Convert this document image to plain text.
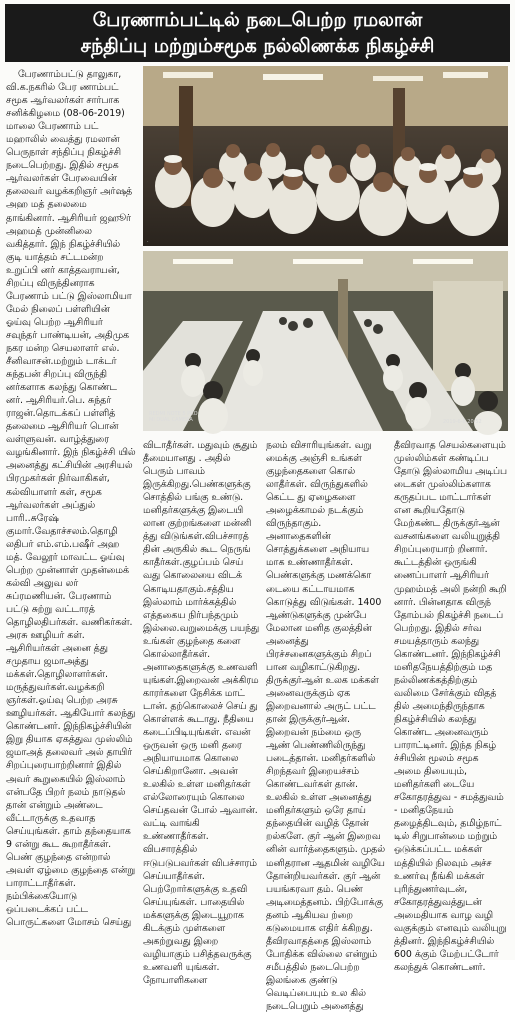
பேரணாம்பட்டில் நடைபெற்ற ரமலான்
சந்திப்பு மற்றும்சமூக நல்லிணக்க நிகழ்ச்சி

பேரணாம்பட்டு தாலுகா, வி.க.நகரில் பேர ணாம்பட் சமூக ஆர்வலர்கள் சார்பாக சனிக்கிழமை (08-06-2019) மாலை பேரணாம் பட் மஹாலில் வைத்து ரமலான் பெருநாள் சந்திப்பு நிகழ்ச்சி நடைபெற்றது. இதில் சமூக ஆர்வலர்கள் பேரவையின் தலைவர் வழக்கறிஞர் அர்ஷத் அஹ மத் தலைமை தாங்கினார். ஆசிரியர் ஜஹூர் அஹமத் முன்னிலை வகித்தார். இந் நிகழ்ச்சியில் குடி யாத்தம் சட்டமன்ற உறுப்பி னர் காத்தவராயன், சிறப்பு விருந்தினராக பேரணாம் பட்டு இஸ்லாமியா மேல் நிலைப் பள்ளியின் ஓய்வு பெற்ற ஆசிரியர் சவுந்தர் பாண்டியன், அதிமுக நகர மன்ற செயலாளர் எல். சீனிவாசன்.மற்றும் டாக்டர் சுந்தபன் சிறப்பு விருந்தி னர்களாக கலந்து கொண்ட னர். ஆசிரியர்.பெ. சுந்தர் ராஜன்.தொடக்கப் பள்ளித் தலைமை ஆசிரியர் பொன் வள்ளுவன். வாழ்த்துரை வழங்கினார். இந் நிகழ்ச்சி யில் அனைத்து கட்சியின் அரசியல் பிரமுகர்கள் நிர்வாகிகள், கல்வியாளர் கள், சமூக ஆர்வலர்கள் அப்துல் பாரி..சுரேஷ் குமார்.வேதாச்சலம்.தொழி லதிபர் எம்.எம்.பஷீர் அஹ மத். வேலூர் மாவட்ட ஓய்வு பெற்ற முன்னாள் முதன்மைக் கல்வி அலுவ லர் சுப்ரமணியன். பேரணாம் பட்டு சுற்று வட்டாரத் தொழிலதிபர்கள். வணிகர்கள். அரசு ஊழியர் கள். ஆசிரியர்கள் அனை த்து சமுதாய ஜமாஅத்து மக்கள்.தொழிலாளர்கள். மருத்துவர்கள்.வழக்கறி ஞர்கள்.ஓய்வு பெற்ற அரசு ஊழியர்கள். ஆகியோர் கலந்து கொண்டனர். இந்நிகழ்ச்சியின் இறு தியாக ஏகத்துவ முஸ்லிம் ஜமாஅத் தலைவர் அல் தாயிர் சிறப்புரையாற்றினார் இதில் அவர் கூறுகையில் இஸ்லாம் என்பதே பிறர் நலம் நாடுதல் தான் என்றும் அண்டை வீட்டாருக்கு உதவாத செய்யுங்கள். தாம் தந்தையாக 9 என்று கூட கூறாதீர்கள். பெண் குழந்தை என்றால் அவள் ஏழ்மை குழந்தை என்று பாராட்டாதீர்கள். நம்பிக்கையோடு ஒப்படைக்கப் பட்ட பொருட்களை மோசம் செய்து

.
REDMI NOTE 5 PRO
MI DUAL CAMERA	2019-6-8 20:52

விடாதீர்கள். மதுவும் சூதும் தீமையானது . அதில் பெரும் பாவம் இருக்கிறது.பெண்களுக்கு சொத்தில் பங்கு உண்டு. மனிதர்களுக்கு இடையி லான குற்றங்களை மன்னி த்து விடுங்கள்.விபச்சாரத் தின் அருகில் கூட நெருங் காதீர்கள்.குழப்பம் செய் வது கொலையை விடக் கொடியதாகும்.சத்திய இஸ்லாம் மார்க்கத்தில் எத்தகைய நிர்பந்தமும் இல்லை.வறுமைக்கு பயந்து உங்கள் குழந்தை களை கொல்லாதீர்கள். அனாதைகளுக்கு உணவளி யுங்கள்.இறைவன் அக்கிரம காரர்களை நேசிக்க மாட் டான். தற்கொலைச் செய் து கொள்ளக் கூடாது. நீதியை கடைப்பிடியுங்கள். எவன் ஒருவன் ஒரு மனி தரை அநியாயமாக கொலை செய்கிறானோ. அவன் உலகில் உள்ள மனிதர்கள் எல்லோரையும் கொலை செய்தவன் போல் ஆவான். வட்டி வாங்கி உண்ணாதீர்கள். விபசாரத்தில் ஈடுபடுபவர்கள் விபச்சாரம் செய்யாதீர்கள். பெற்றோர்களுக்கு உதவி செய்யுங்கள். பாதையில் மக்களுக்கு இடையூறாக கிடக்கும் முள்களை அகற்றுவது இறை வழியாகும் பசித்தவருக்கு உணவளி யுங்கள். நோயாளிகளை

நலம் விசாரியுங்கள். வறு மைக்கு அஞ்சி உங்கள் குழந்தைகளை கொல் லாதீர்கள். விருந்துகளில் கெட்ட து ஏழைகளை அழைக்காமல் நடக்கும் விருந்தாகும். அனாதைகளின் சொத்துக்களை அநியாய மாக உண்ணாதீர்கள். பெண்களுக்கு மணக்கொ டையை கட்டாயமாக கொடுத்து விடுங்கள். 1400 ஆண்டுகளுக்கு முன்பே மேலான மனித குலத்தின் அனைத்து பிரச்சனைகளுக்கும் சிறப் பான வழிகாட்டுகிறது. திருக்குர்ஆன் உலக மக்கள் அனைவருக்கும் ஏக இறைவனால் அருட் பட்ட தான் இருக்குர்ஆன். இறைவன் நம்மை ஒரு ஆண் பெண்ணிலிருந்து படைத்தான். மனிதர்களில் சிறந்தவர் இறையச்சம் கொண்டவர்கள் தான். உலகில் உள்ள அனைத்து மனிதர்களும் ஒரே தாய் தந்தையின் வழித் தோன் றல்களே. குர் ஆன் இறைவ னின் வார்த்தைகளும். முதல் மனிதரான ஆதமின் வழியே தோன்றியவர்கள். குர் ஆன் பயங்கரவா தம். பெண் அடிமைத்தனம். பிற்போக்கு தனம் ஆகியவ ற்றை கடுமையாக எதிர் க்கிறது. தீவிரவாதத்தை இஸ்லாம் போதிக்க வில்லை என்றும் சமீபத்தில் நடைபெற்ற இலங்கை குண்டு வெடிப்பையும் உல கில் நடைபெறும் அனைத்து

தீவிரவாத செயல்களையும் முஸ்லிம்கள் கண்டிப்ப தோடு இஸ்லாமிய அடிப்ப டைகள் முஸ்லிம்களாக கருதப்பட மாட்டார்கள் என கூறியதோடு மேற்கண்ட திருக்குர்ஆன் வசனங்களை வலியுறுத்தி சிறப்புரையாற் றினார். கூட்டத்தின் ஒருங்கி ணைப்பாளர் ஆசிரியர் முஹம்மத் அலி நன்றி கூறி னார். பின்னதாக விருந் தோம்பல் நிகழ்ச்சி நடைப் பெற்றது. இதில் சர்வ சமயத்தாரும் கலந்து கொண்டனர். இந்நிகழ்ச்சி மனிதநேயத்திற்கும் மத நல்லிணக்கத்திற்கும் வலிமை சேர்க்கும் விதத் தில் அமைந்திருந்தாக நிகழ்ச்சியில் கலந்து கொண்ட அனைவரும் பாராட்டினர். இந்த நிகழ் ச்சியின் மூலம் சமூக அமை தியையும், மனிதர்களி டையே சகோதரத்துவ - சமத்துவம் - மனிதநேயம் தழைத்திடவும், தமிழ்நாட் டில் சிறுபான்மை மற்றும் ஒடுக்கப்பட்ட மக்கள் மத்தியில் நிலவும் அச்ச உணர்வு நீங்கி மக்கள் புரிந்துணர்வுடன், சகோதரத்துவத்துடன் அமைதியாக வாழ வழி வகுக்கும் எனவும் வலியுறு த்தினர். இந்நிகழ்ச்சியில் 600 க்கும் மேற்பட்டோர் கலந்துக் கொண்டனர்.
